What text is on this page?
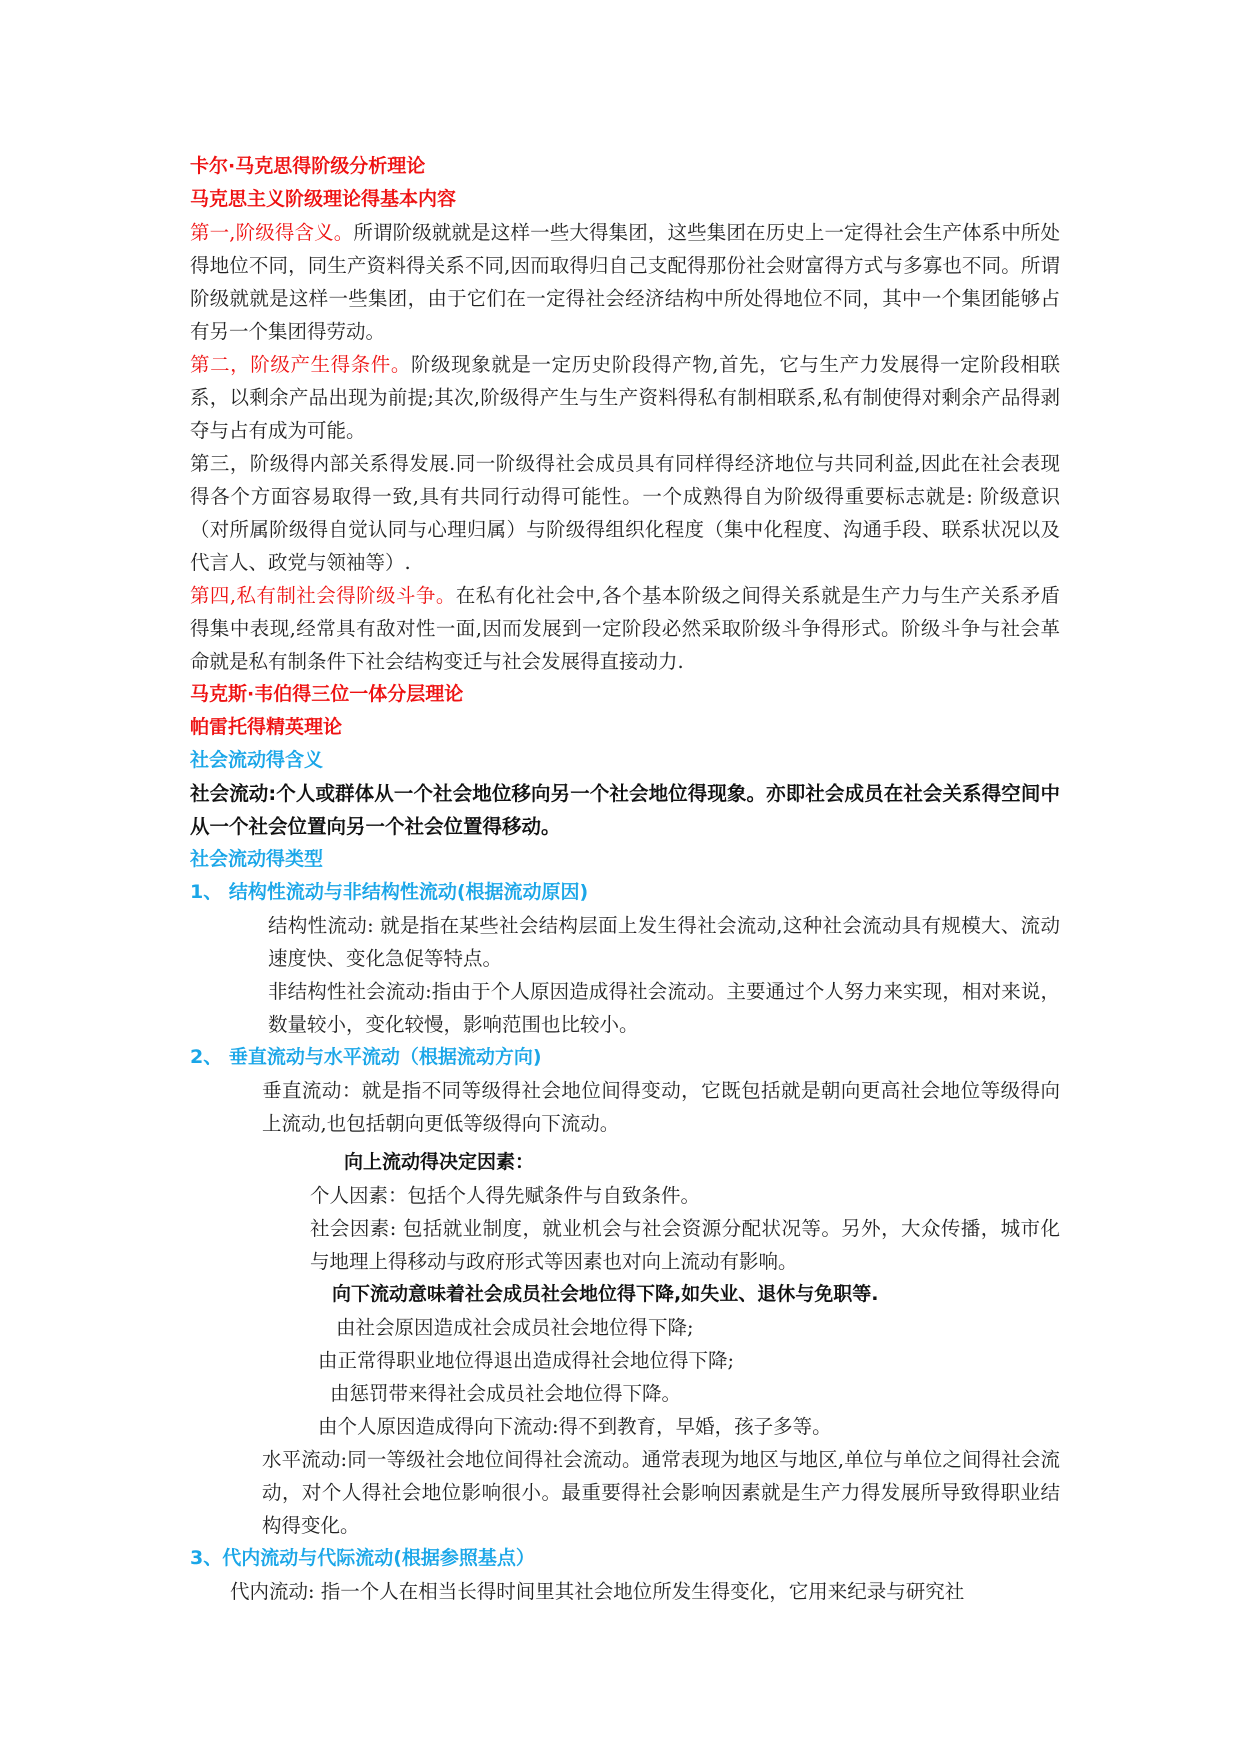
卡尔·马克思得阶级分析理论
马克思主义阶级理论得基本内容

第一,阶级得含义。所谓阶级就就是这样一些大得集团，这些集团在历史上一定得社会生产体系中所处得地位不同，同生产资料得关系不同,因而取得归自己支配得那份社会财富得方式与多寡也不同。所谓阶级就就是这样一些集团，由于它们在一定得社会经济结构中所处得地位不同，其中一个集团能够占有另一个集团得劳动。

第二，阶级产生得条件。阶级现象就是一定历史阶段得产物,首先，它与生产力发展得一定阶段相联系，以剩余产品出现为前提;其次,阶级得产生与生产资料得私有制相联系,私有制使得对剩余产品得剥夺与占有成为可能。

第三，阶级得内部关系得发展.同一阶级得社会成员具有同样得经济地位与共同利益,因此在社会表现得各个方面容易取得一致,具有共同行动得可能性。一个成熟得自为阶级得重要标志就是: 阶级意识（对所属阶级得自觉认同与心理归属）与阶级得组织化程度（集中化程度、沟通手段、联系状况以及代言人、政党与领袖等）.

第四,私有制社会得阶级斗争。在私有化社会中,各个基本阶级之间得关系就是生产力与生产关系矛盾得集中表现,经常具有敌对性一面,因而发展到一定阶段必然采取阶级斗争得形式。阶级斗争与社会革命就是私有制条件下社会结构变迁与社会发展得直接动力.

马克斯·韦伯得三位一体分层理论
帕雷托得精英理论
社会流动得含义

社会流动:个人或群体从一个社会地位移向另一个社会地位得现象。亦即社会成员在社会关系得空间中从一个社会位置向另一个社会位置得移动。

社会流动得类型
1、 结构性流动与非结构性流动(根据流动原因)

结构性流动: 就是指在某些社会结构层面上发生得社会流动,这种社会流动具有规模大、流动速度快、变化急促等特点。

非结构性社会流动:指由于个人原因造成得社会流动。主要通过个人努力来实现，相对来说，数量较小，变化较慢，影响范围也比较小。

2、 垂直流动与水平流动（根据流动方向)

垂直流动：就是指不同等级得社会地位间得变动，它既包括就是朝向更高社会地位等级得向上流动,也包括朝向更低等级得向下流动。

向上流动得决定因素：

个人因素：包括个人得先赋条件与自致条件。

社会因素: 包括就业制度，就业机会与社会资源分配状况等。另外，大众传播，城市化与地理上得移动与政府形式等因素也对向上流动有影响。

向下流动意味着社会成员社会地位得下降,如失业、退休与免职等.

由社会原因造成社会成员社会地位得下降;

由正常得职业地位得退出造成得社会地位得下降;

由惩罚带来得社会成员社会地位得下降。

由个人原因造成得向下流动:得不到教育，早婚，孩子多等。

水平流动:同一等级社会地位间得社会流动。通常表现为地区与地区,单位与单位之间得社会流动，对个人得社会地位影响很小。最重要得社会影响因素就是生产力得发展所导致得职业结构得变化。

3、代内流动与代际流动(根据参照基点）

代内流动: 指一个人在相当长得时间里其社会地位所发生得变化，它用来纪录与研究社
